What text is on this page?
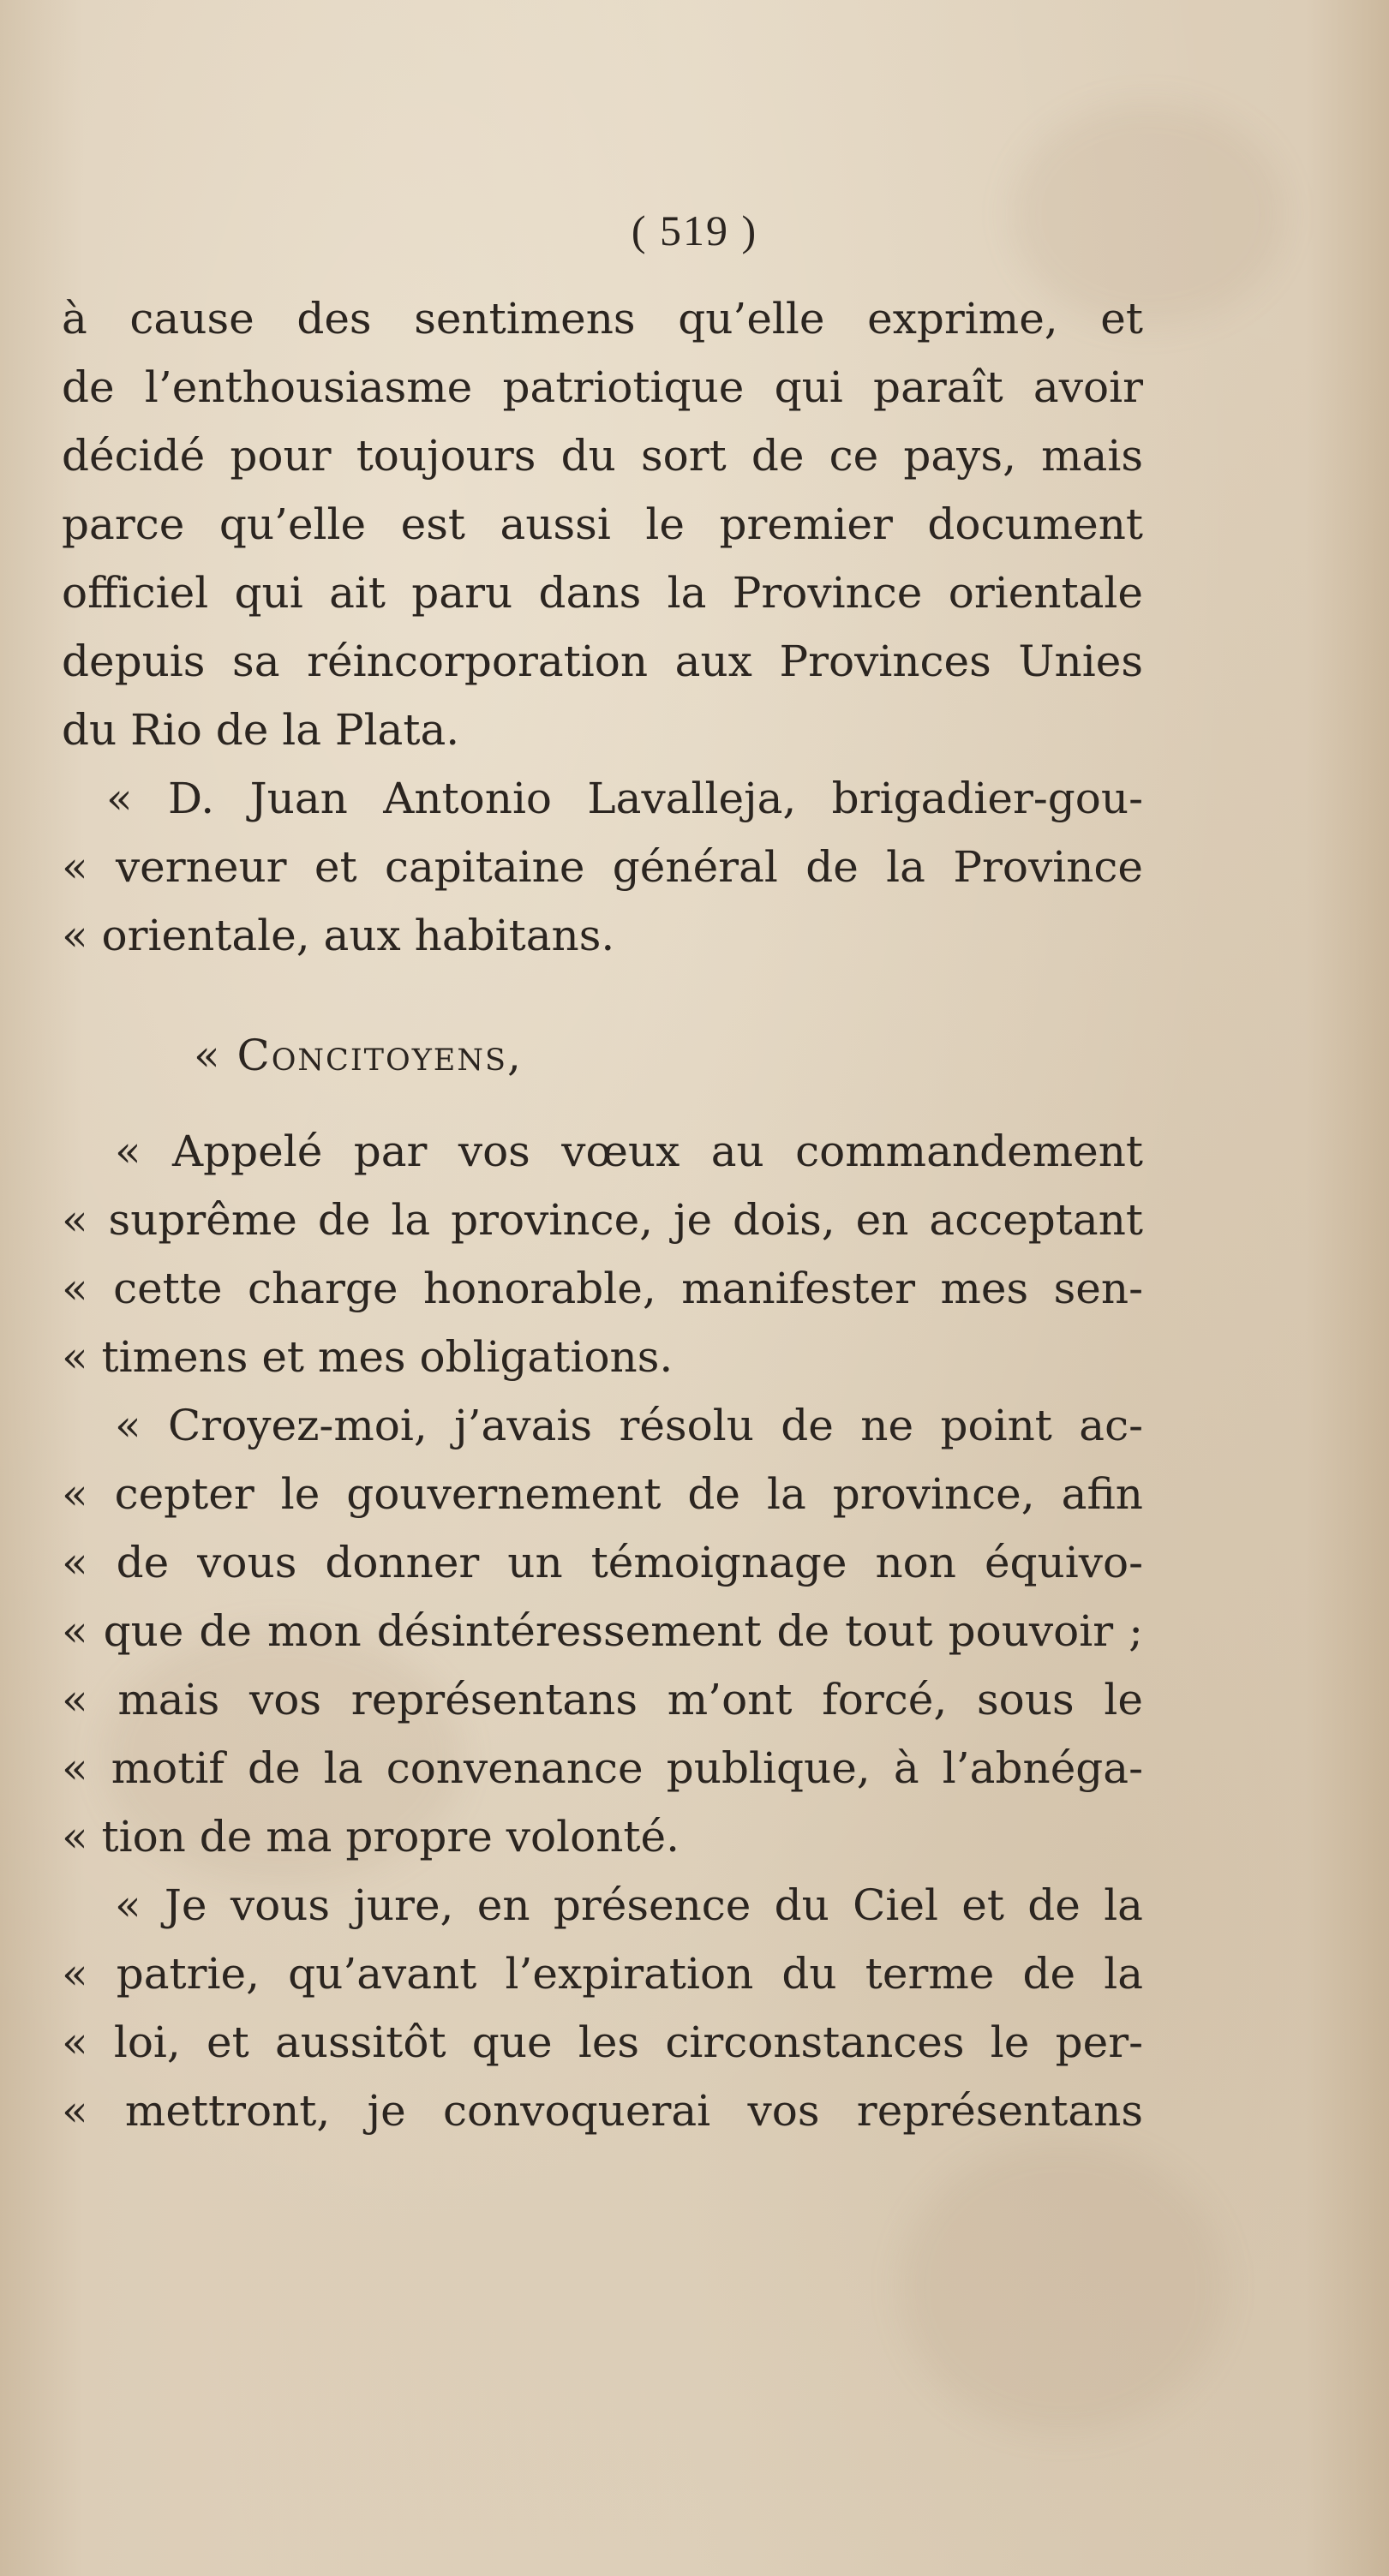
( 519 )
à cause des sentimens qu’elle exprime, et
de l’enthousiasme patriotique qui paraît avoir
décidé pour toujours du sort de ce pays, mais
parce qu’elle est aussi le premier document
officiel qui ait paru dans la Province orientale
depuis sa réincorporation aux Provinces Unies
du Rio de la Plata.
« D. Juan Antonio Lavalleja, brigadier-gou-
« verneur et capitaine général de la Province
« orientale, aux habitans.
« Concitoyens,
« Appelé par vos vœux au commandement
« suprême de la province, je dois, en acceptant
« cette charge honorable, manifester mes sen-
« timens et mes obligations.
« Croyez-moi, j’avais résolu de ne point ac-
« cepter le gouvernement de la province, afin
« de vous donner un témoignage non équivo-
« que de mon désintéressement de tout pouvoir ;
« mais vos représentans m’ont forcé, sous le
« motif de la convenance publique, à l’abnéga-
« tion de ma propre volonté.
« Je vous jure, en présence du Ciel et de la
« patrie, qu’avant l’expiration du terme de la
« loi, et aussitôt que les circonstances le per-
« mettront, je convoquerai vos représentans
